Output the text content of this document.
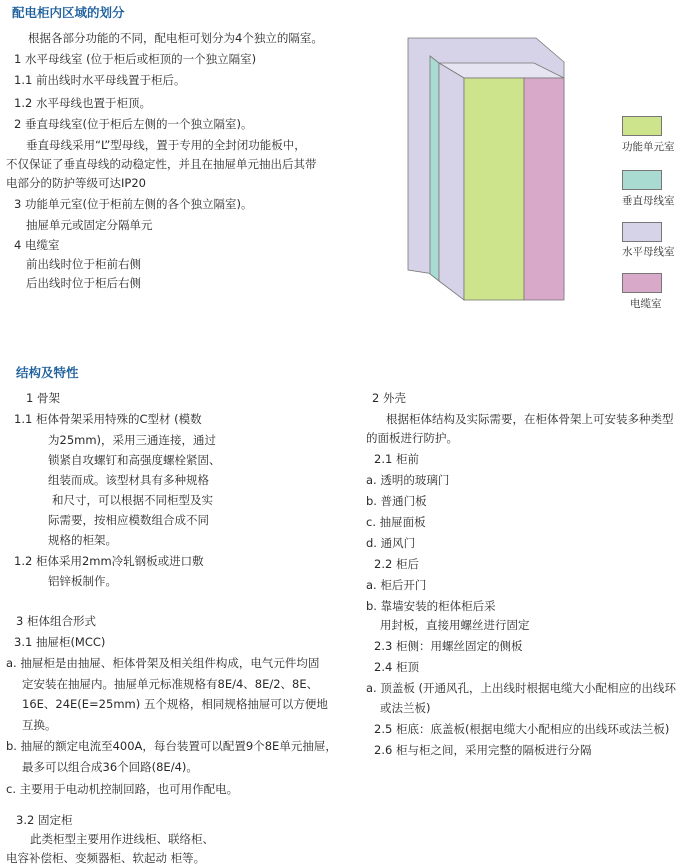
配电柜内区域的划分
根据各部分功能的不同，配电柜可划分为4个独立的隔室。
1 水平母线室 (位于柜后或柜顶的一个独立隔室)
1.1 前出线时水平母线置于柜后。
1.2 水平母线也置于柜顶。
2 垂直母线室(位于柜后左侧的一个独立隔室)。
垂直母线采用“L”型母线，置于专用的全封闭功能板中，
不仅保证了垂直母线的动稳定性，并且在抽屉单元抽出后其带
电部分的防护等级可达IP20
3 功能单元室(位于柜前左侧的各个独立隔室)。
抽屉单元或固定分隔单元
4 电缆室
前出线时位于柜前右侧
后出线时位于柜后右侧
功能单元室
垂直母线室
水平母线室
电缆室
结构及特性
1 骨架
1.1 柜体骨架采用特殊的C型材 (模数
为25mm)，采用三通连接，通过
锁紧自攻螺钉和高强度螺栓紧固、
组装而成。该型材具有多种规格
和尺寸，可以根据不同柜型及实
际需要，按相应模数组合成不同
规格的柜架。
1.2 柜体采用2mm冷轧钢板或进口敷
铝锌板制作。
3 柜体组合形式
3.1 抽屉柜(MCC)
a. 抽屉柜是由抽屉、柜体骨架及相关组件构成，电气元件均固
定安装在抽屉内。抽屉单元标准规格有8E/4、8E/2、8E、
16E、24E(E=25mm) 五个规格，相同规格抽屉可以方便地
互换。
b. 抽屉的额定电流至400A，每台装置可以配置9个8E单元抽屉，
最多可以组合成36个回路(8E/4)。
c. 主要用于电动机控制回路，也可用作配电。
3.2 固定柜
此类柜型主要用作进线柜、联络柜、
电容补偿柜、变频器柜、软起动 柜等。
2 外壳
根据柜体结构及实际需要，在柜体骨架上可安装多种类型
的面板进行防护。
2.1 柜前
a. 透明的玻璃门
b. 普通门板
c. 抽屉面板
d. 通风门
2.2 柜后
a. 柜后开门
b. 靠墙安装的柜体柜后采
用封板，直接用螺丝进行固定
2.3 柜侧：用螺丝固定的侧板
2.4 柜顶
a. 顶盖板 (开通风孔，上出线时根据电缆大小配相应的出线环
或法兰板)
2.5 柜底：底盖板(根据电缆大小配相应的出线环或法兰板)
2.6 柜与柜之间，采用完整的隔板进行分隔
